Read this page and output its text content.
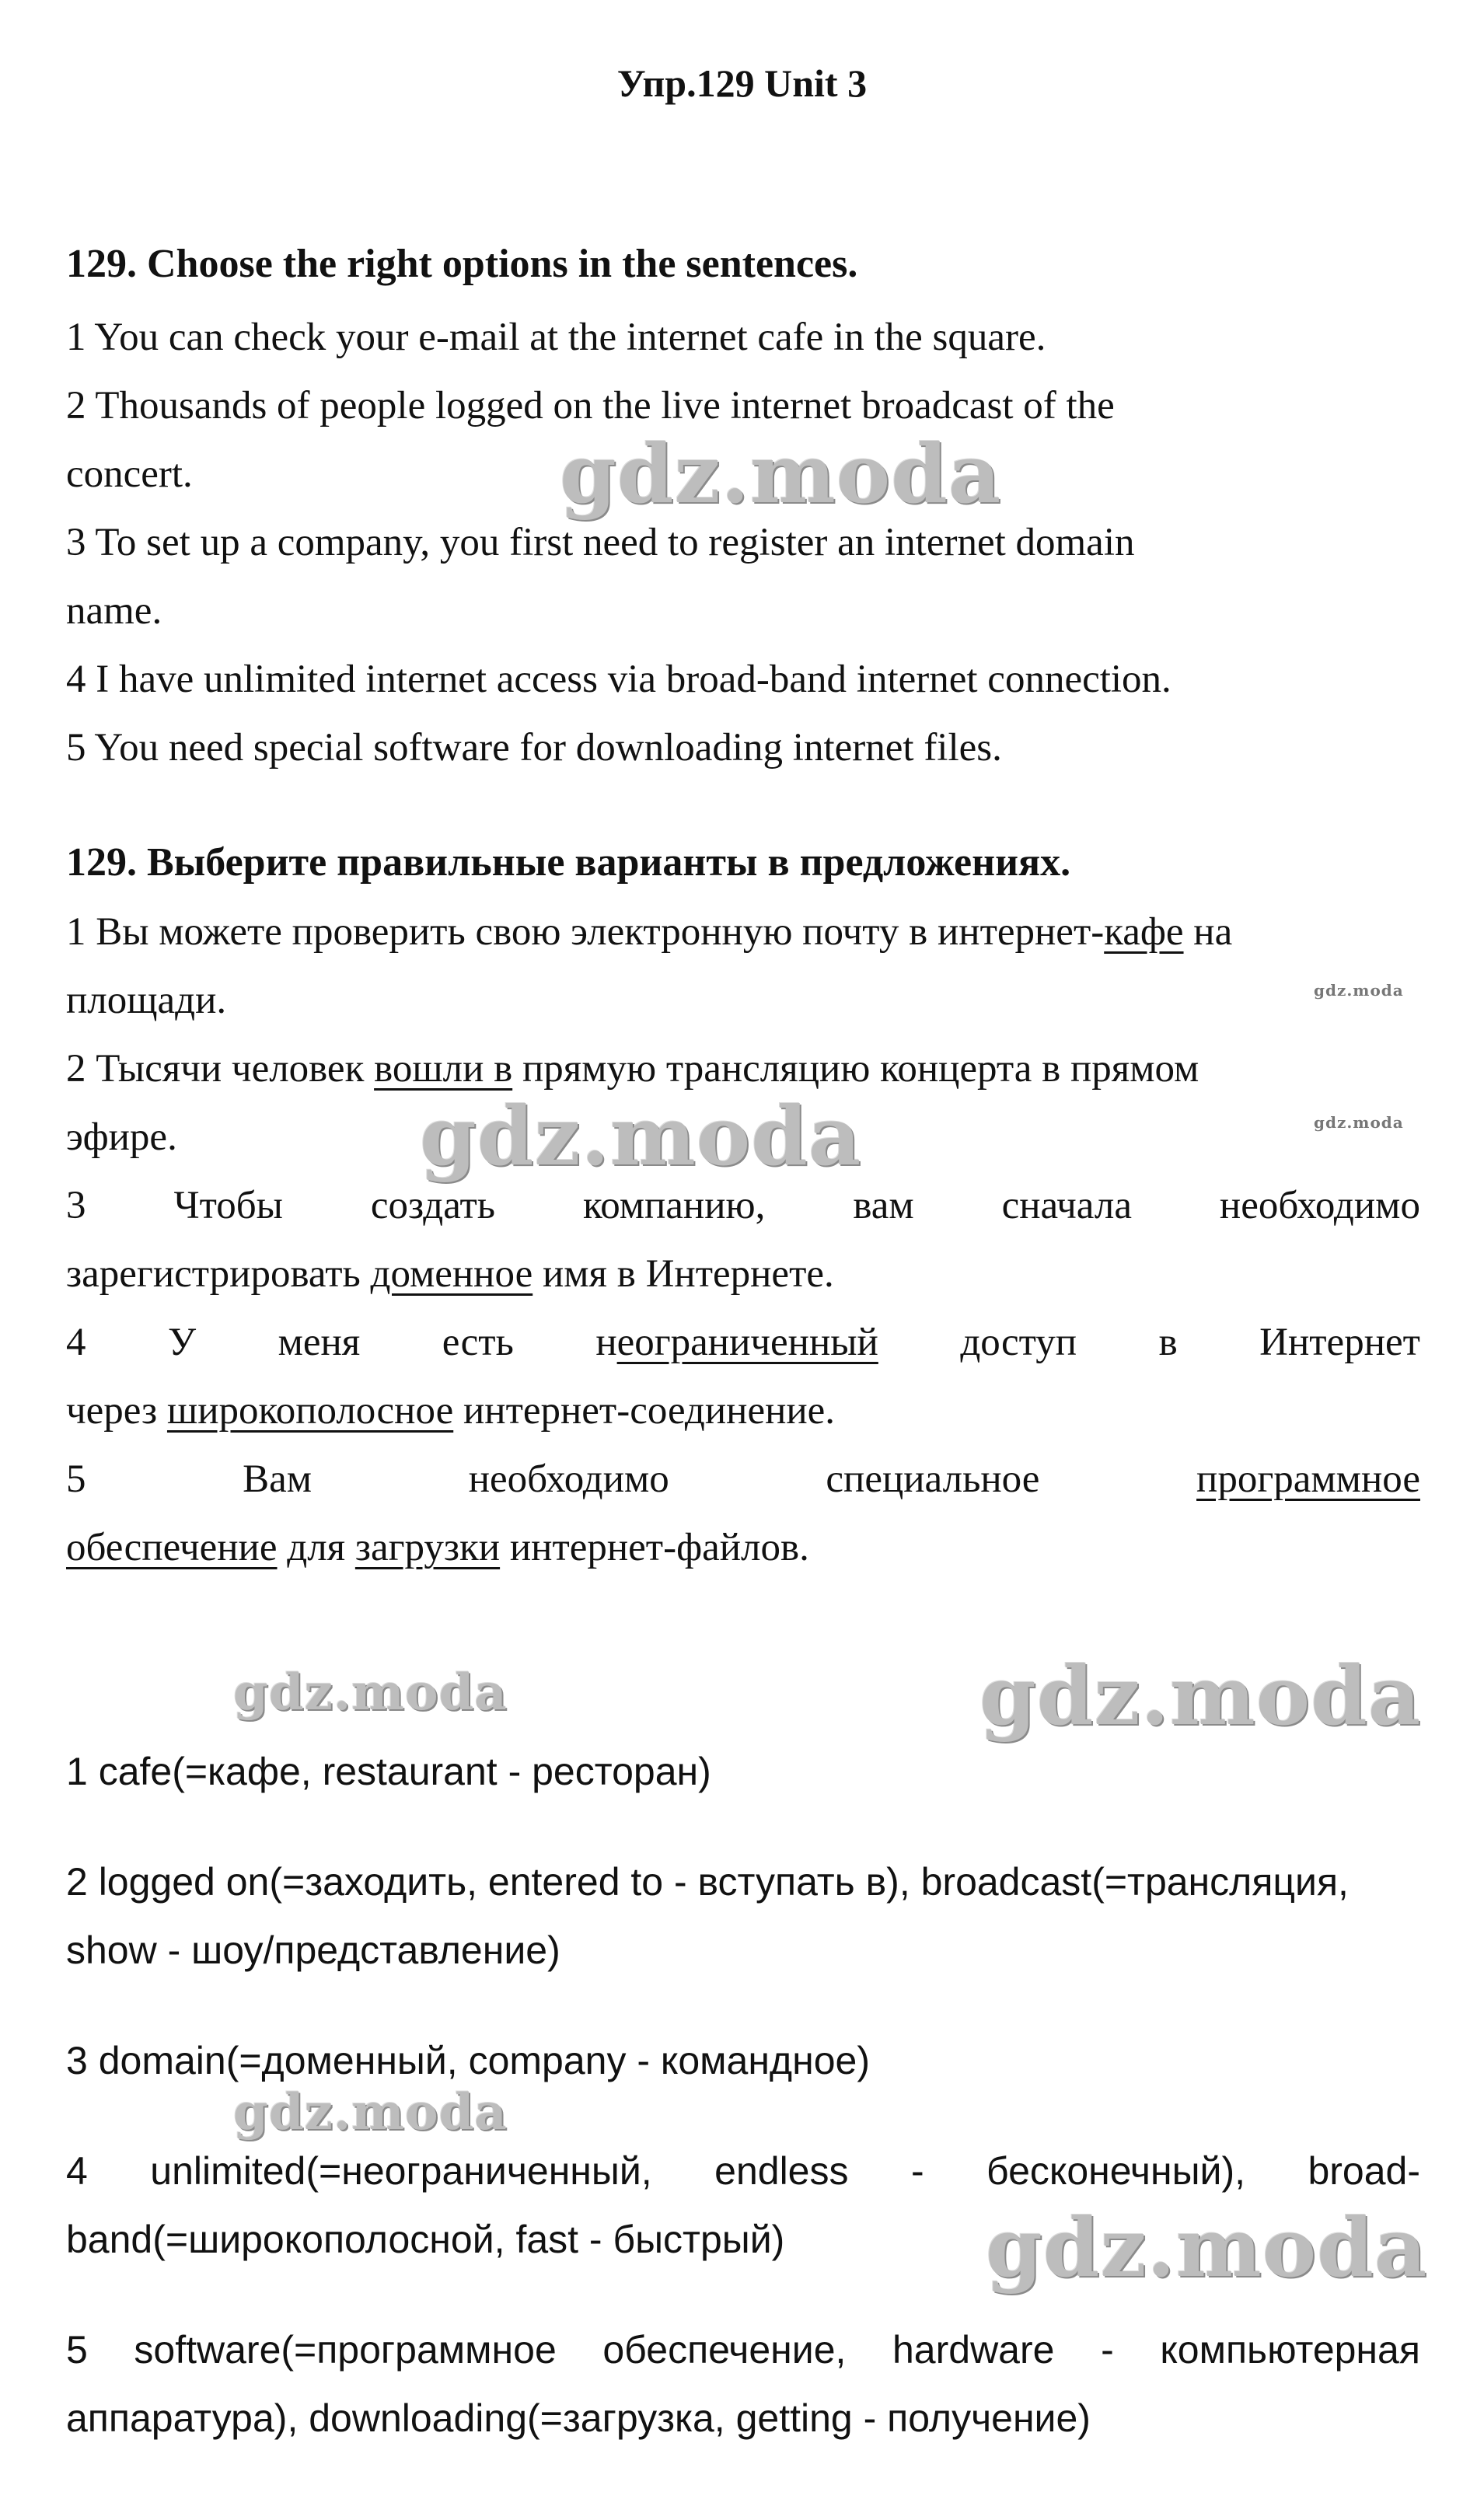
Упр.129 Unit 3
129. Choose the right options in the sentences.
1 You can check your e-mail at the internet cafe in the square.
2 Thousands of people logged on the live internet broadcast of the
concert.
3 To set up a company, you first need to register an internet domain
name.
4 I have unlimited internet access via broad-band internet connection.
5 You need special software for downloading internet files.
129. Выберите правильные варианты в предложениях.
1 Вы можете проверить свою электронную почту в интернет-кафе на
площади.
2 Тысячи человек вошли в прямую трансляцию концерта в прямом
эфире.
3 Чтобы создать компанию, вам сначала необходимо
зарегистрировать доменное имя в Интернете.
4 У меня есть неограниченный доступ в Интернет
через широкополосное интернет-соединение.
5	Вам	необходимо	специальное	программное
обеспечение для загрузки интернет-файлов.
1 cafe(=кафе, restaurant - ресторан)
2 logged on(=заходить, entered to - вступать в), broadcast(=трансляция,
show - шоу/представление)
3 domain(=доменный, company - командное)
4 unlimited(=неограниченный, endless - бесконечный), broad-
band(=широкополосной, fast - быстрый)
5 software(=программное обеспечение, hardware - компьютерная
аппаратура), downloading(=загрузка, getting - получение)
gdz.moda
gdz.moda
gdz.moda	gdz.moda
gdz.moda	gdz.moda
gdz.moda
gdz.moda
